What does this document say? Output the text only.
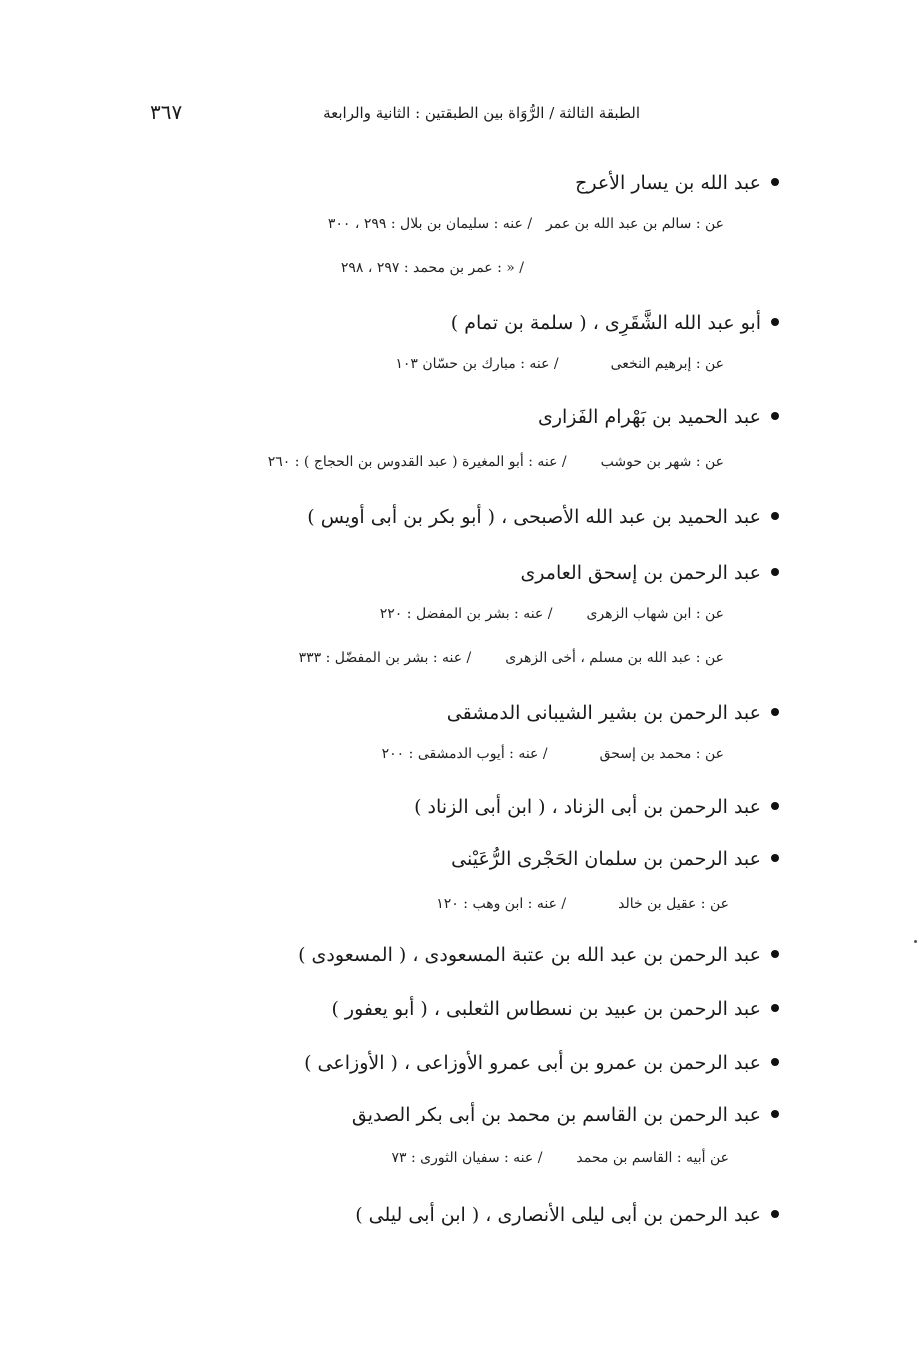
الطبقة الثالثة / الرُّوَاة بين الطبقتين : الثانية والرابعة
٣٦٧
عبد الله بن يسار الأعرج
عن : سالم بن عبد الله بن عمر/ عنه : سليمان بن بلال : ٢٩٩ ، ٣٠٠
/ « : عمر بن محمد : ٢٩٧ ، ٢٩٨
أبو عبد الله الشَّقَرِى ، ( سلمة بن تمام )
عن : إبرهيم النخعى/ عنه : مبارك بن حسّان ١٠٣
عبد الحميد بن بَهْرام الفَزارى
عن : شهر بن حوشب/ عنه : أبو المغيرة ( عبد القدوس بن الحجاج ) : ٢٦٠
عبد الحميد بن عبد الله الأصبحى ، ( أبو بكر بن أبى أويس )
عبد الرحمن بن إسحق العامرى
عن : ابن شهاب الزهرى/ عنه : بشر بن المفضل : ٢٢٠
عن : عبد الله بن مسلم ، أخى الزهرى/ عنه : بشر بن المفضّل : ٣٣٣
عبد الرحمن بن بشير الشيبانى الدمشقى
عن : محمد بن إسحق/ عنه : أيوب الدمشقى : ٢٠٠
عبد الرحمن بن أبى الزناد ، ( ابن أبى الزناد )
عبد الرحمن بن سلمان الحَجْرى الرُّعَيْنى
عن : عقيل بن خالد/ عنه : ابن وهب : ١٢٠
عبد الرحمن بن عبد الله بن عتبة المسعودى ، ( المسعودى )
عبد الرحمن بن عبيد بن نسطاس الثعلبى ، ( أبو يعفور )
عبد الرحمن بن عمرو بن أبى عمرو الأوزاعى ، ( الأوزاعى )
عبد الرحمن بن القاسم بن محمد بن أبى بكر الصديق
عن أبيه : القاسم بن محمد/ عنه : سفيان الثورى : ٧٣
عبد الرحمن بن أبى ليلى الأنصارى ، ( ابن أبى ليلى )
